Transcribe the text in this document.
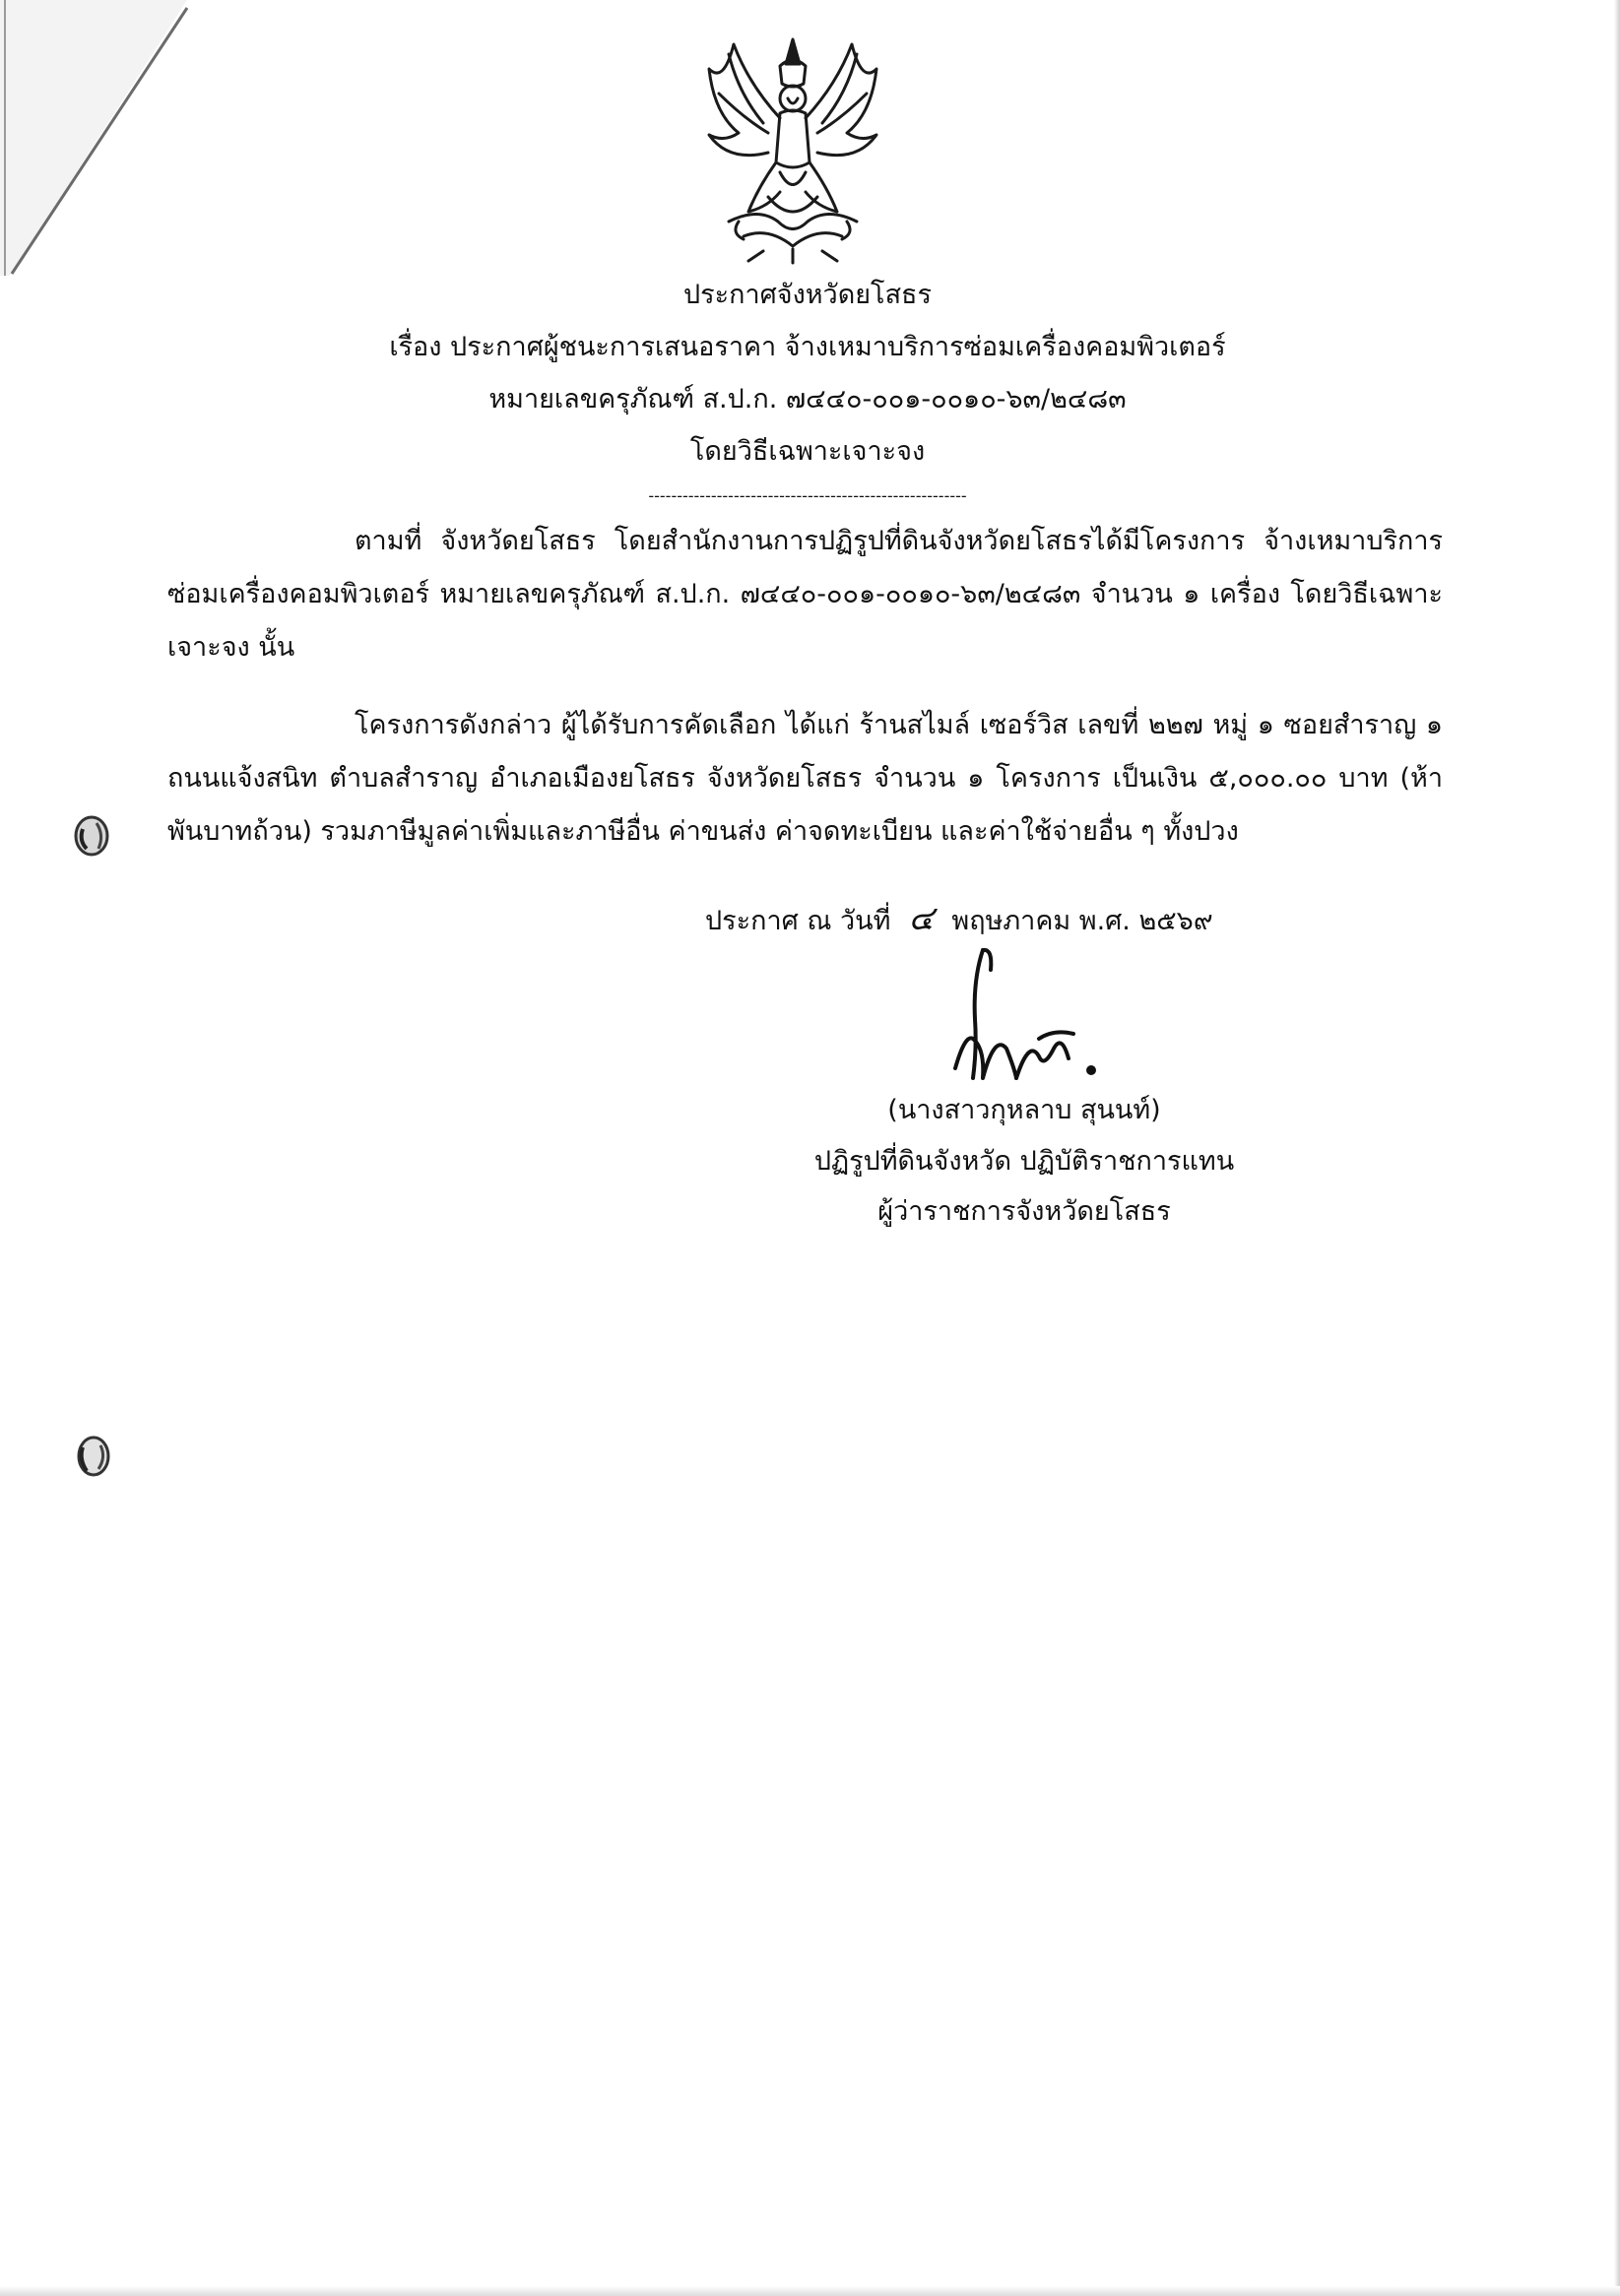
ประกาศจังหวัดยโสธร
เรื่อง ประกาศผู้ชนะการเสนอราคา จ้างเหมาบริการซ่อมเครื่องคอมพิวเตอร์
หมายเลขครุภัณฑ์ ส.ป.ก. ๗๔๔๐-๐๐๑-๐๐๑๐-๖๓/๒๔๘๓
โดยวิธีเฉพาะเจาะจง
--------------------------------------------------------
ตามที่ จังหวัดยโสธร โดยสำนักงานการปฏิรูปที่ดินจังหวัดยโสธรได้มีโครงการ จ้างเหมาบริการซ่อมเครื่องคอมพิวเตอร์ หมายเลขครุภัณฑ์ ส.ป.ก. ๗๔๔๐-๐๐๑-๐๐๑๐-๖๓/๒๔๘๓ จำนวน ๑ เครื่อง โดยวิธีเฉพาะเจาะจง นั้น
โครงการดังกล่าว ผู้ได้รับการคัดเลือก ได้แก่ ร้านสไมล์ เซอร์วิส เลขที่ ๒๒๗ หมู่ ๑ ซอยสำราญ ๑ ถนนแจ้งสนิท ตำบลสำราญ อำเภอเมืองยโสธร จังหวัดยโสธร จำนวน ๑ โครงการ เป็นเงิน ๕,๐๐๐.๐๐ บาท (ห้าพันบาทถ้วน) รวมภาษีมูลค่าเพิ่มและภาษีอื่น ค่าขนส่ง ค่าจดทะเบียน และค่าใช้จ่ายอื่น ๆ ทั้งปวง
ประกาศ ณ วันที่ ๔ พฤษภาคม พ.ศ. ๒๕๖๙
(นางสาวกุหลาบ สุนนท์)
ปฏิรูปที่ดินจังหวัด ปฏิบัติราชการแทน
ผู้ว่าราชการจังหวัดยโสธร
